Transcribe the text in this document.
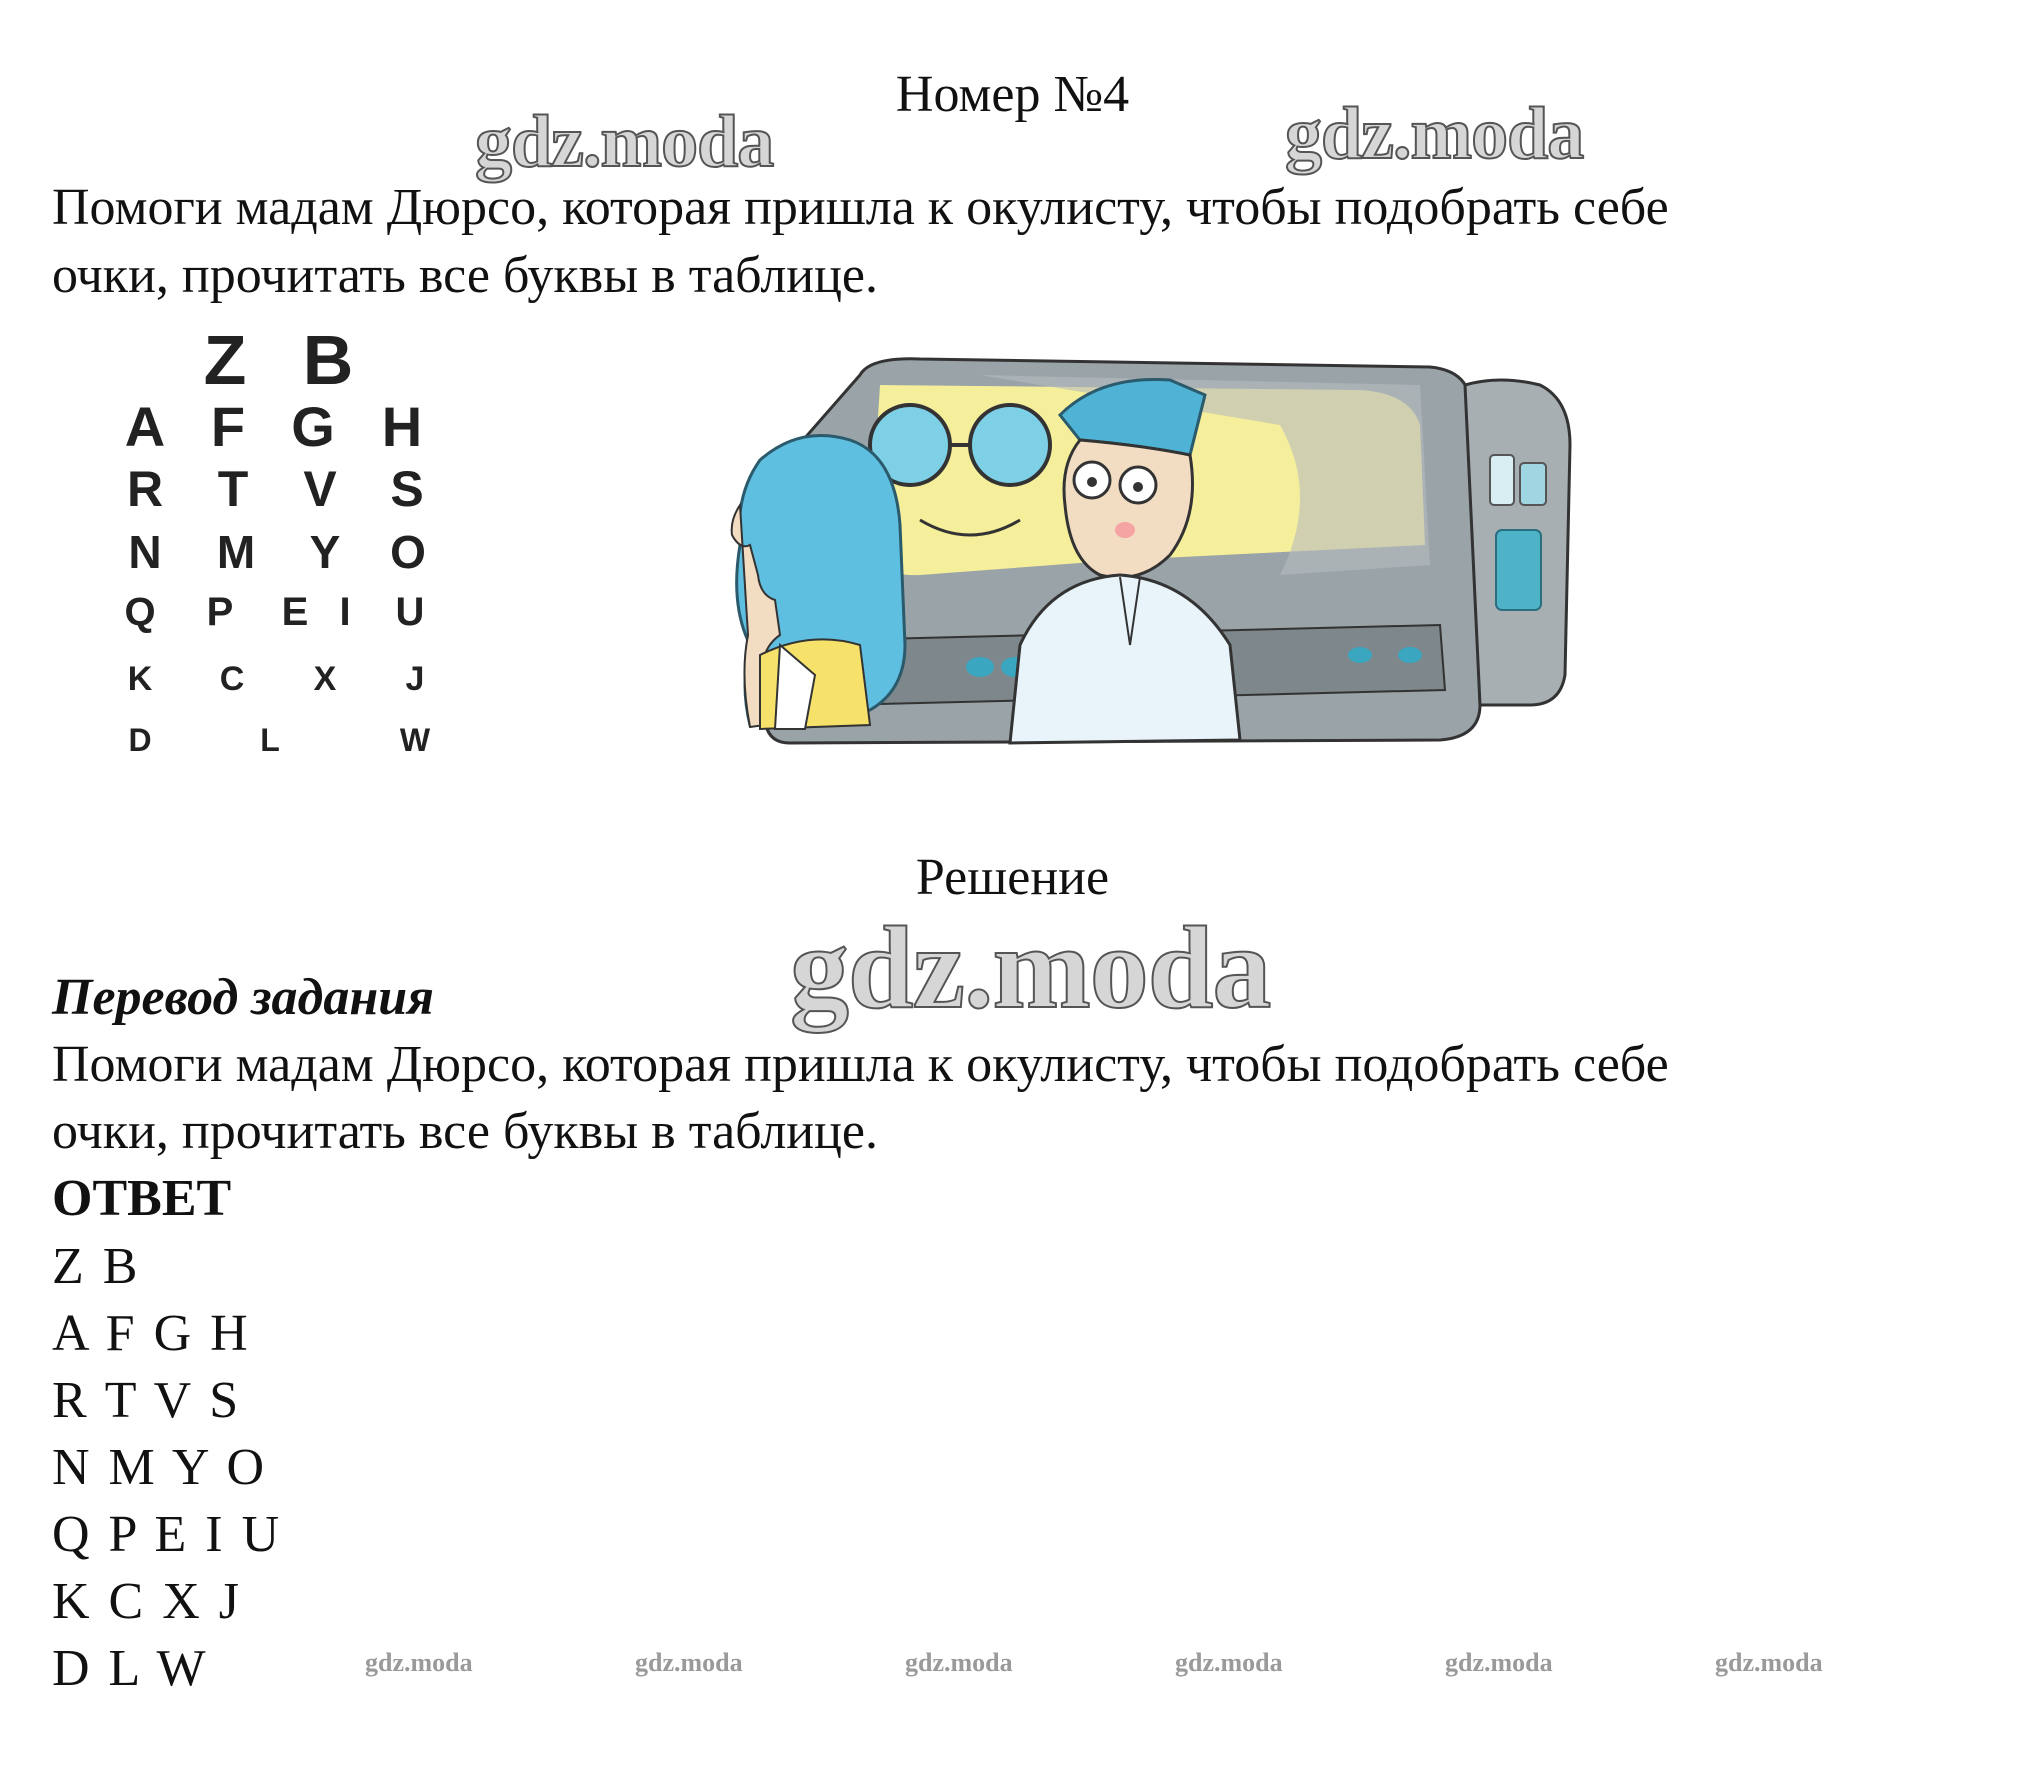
Номер №4
gdz.moda	gdz.moda
Помоги мадам Дюрсо, которая пришла к окулисту, чтобы подобрать себе
очки, прочитать все буквы в таблице.
Z B
A F G H
R	T	V	S
N	M	Y	O
Q	P	E I	U
K	C	X	J
D	L	W
Решение
gdz.moda
Перевод задания
Помоги мадам Дюрсо, которая пришла к окулисту, чтобы подобрать себе
очки, прочитать все буквы в таблице.
ОТВЕТ
Z B
A F G H
R T V S
N M Y O
Q P E I U
K C X J
D L W	gdz.moda	gdz.moda	gdz.moda	gdz.moda	gdz.moda	gdz.moda
